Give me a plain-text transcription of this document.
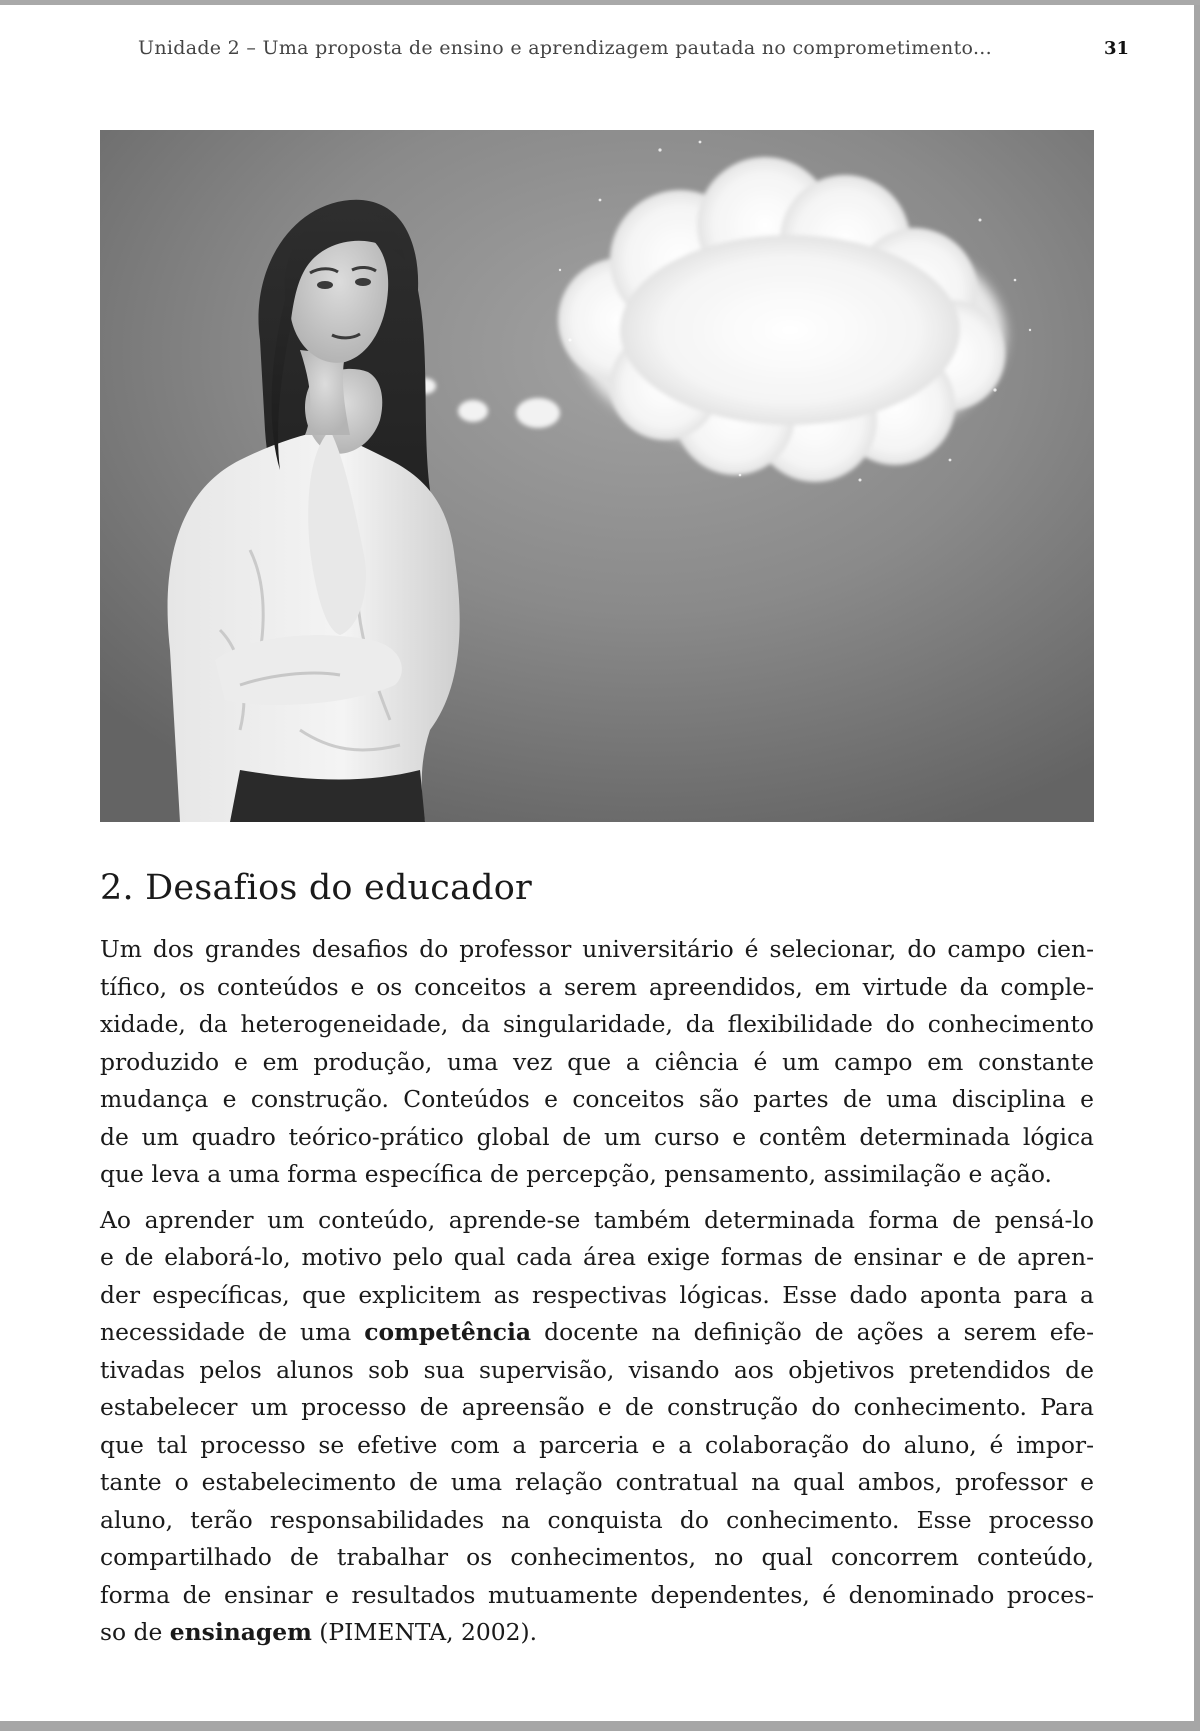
Unidade 2 – Uma proposta de ensino e aprendizagem pautada no comprometimento...	31
2. Desafios do educador

Um dos grandes desafios do professor universitário é selecionar, do campo cien-
tífico, os conteúdos e os conceitos a serem apreendidos, em virtude da comple-
xidade, da heterogeneidade, da singularidade, da flexibilidade do conhecimento
produzido e em produção, uma vez que a ciência é um campo em constante
mudança e construção. Conteúdos e conceitos são partes de uma disciplina e
de um quadro teórico-prático global de um curso e contêm determinada lógica
que leva a uma forma específica de percepção, pensamento, assimilação e ação.

Ao aprender um conteúdo, aprende-se também determinada forma de pensá-lo
e de elaborá-lo, motivo pelo qual cada área exige formas de ensinar e de apren-
der específicas, que explicitem as respectivas lógicas. Esse dado aponta para a
necessidade de uma competência docente na definição de ações a serem efe-
tivadas pelos alunos sob sua supervisão, visando aos objetivos pretendidos de
estabelecer um processo de apreensão e de construção do conhecimento. Para
que tal processo se efetive com a parceria e a colaboração do aluno, é impor-
tante o estabelecimento de uma relação contratual na qual ambos, professor e
aluno, terão responsabilidades na conquista do conhecimento. Esse processo
compartilhado de trabalhar os conhecimentos, no qual concorrem conteúdo,
forma de ensinar e resultados mutuamente dependentes, é denominado proces-
so de ensinagem (PIMENTA, 2002).
